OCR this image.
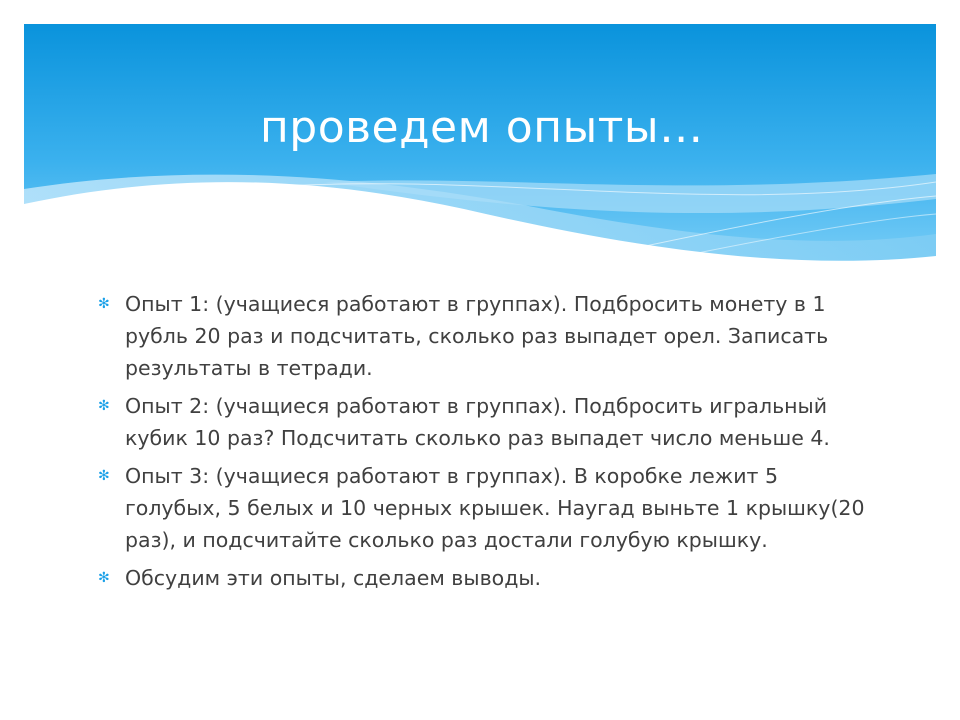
проведем опыты…
✻ Опыт 1: (учащиеся работают в группах). Подбросить монету в 1 рубль 20 раз и подсчитать, сколько раз выпадет орел. Записать результаты в тетради.
✻ Опыт 2: (учащиеся работают в группах). Подбросить игральный кубик 10 раз? Подсчитать сколько раз выпадет число меньше 4.
✻ Опыт 3: (учащиеся работают в группах). В коробке лежит 5 голубых, 5 белых и 10 черных крышек. Наугад выньте 1 крышку(20 раз), и подсчитайте сколько раз достали голубую крышку.
✻ Обсудим эти опыты, сделаем выводы.
